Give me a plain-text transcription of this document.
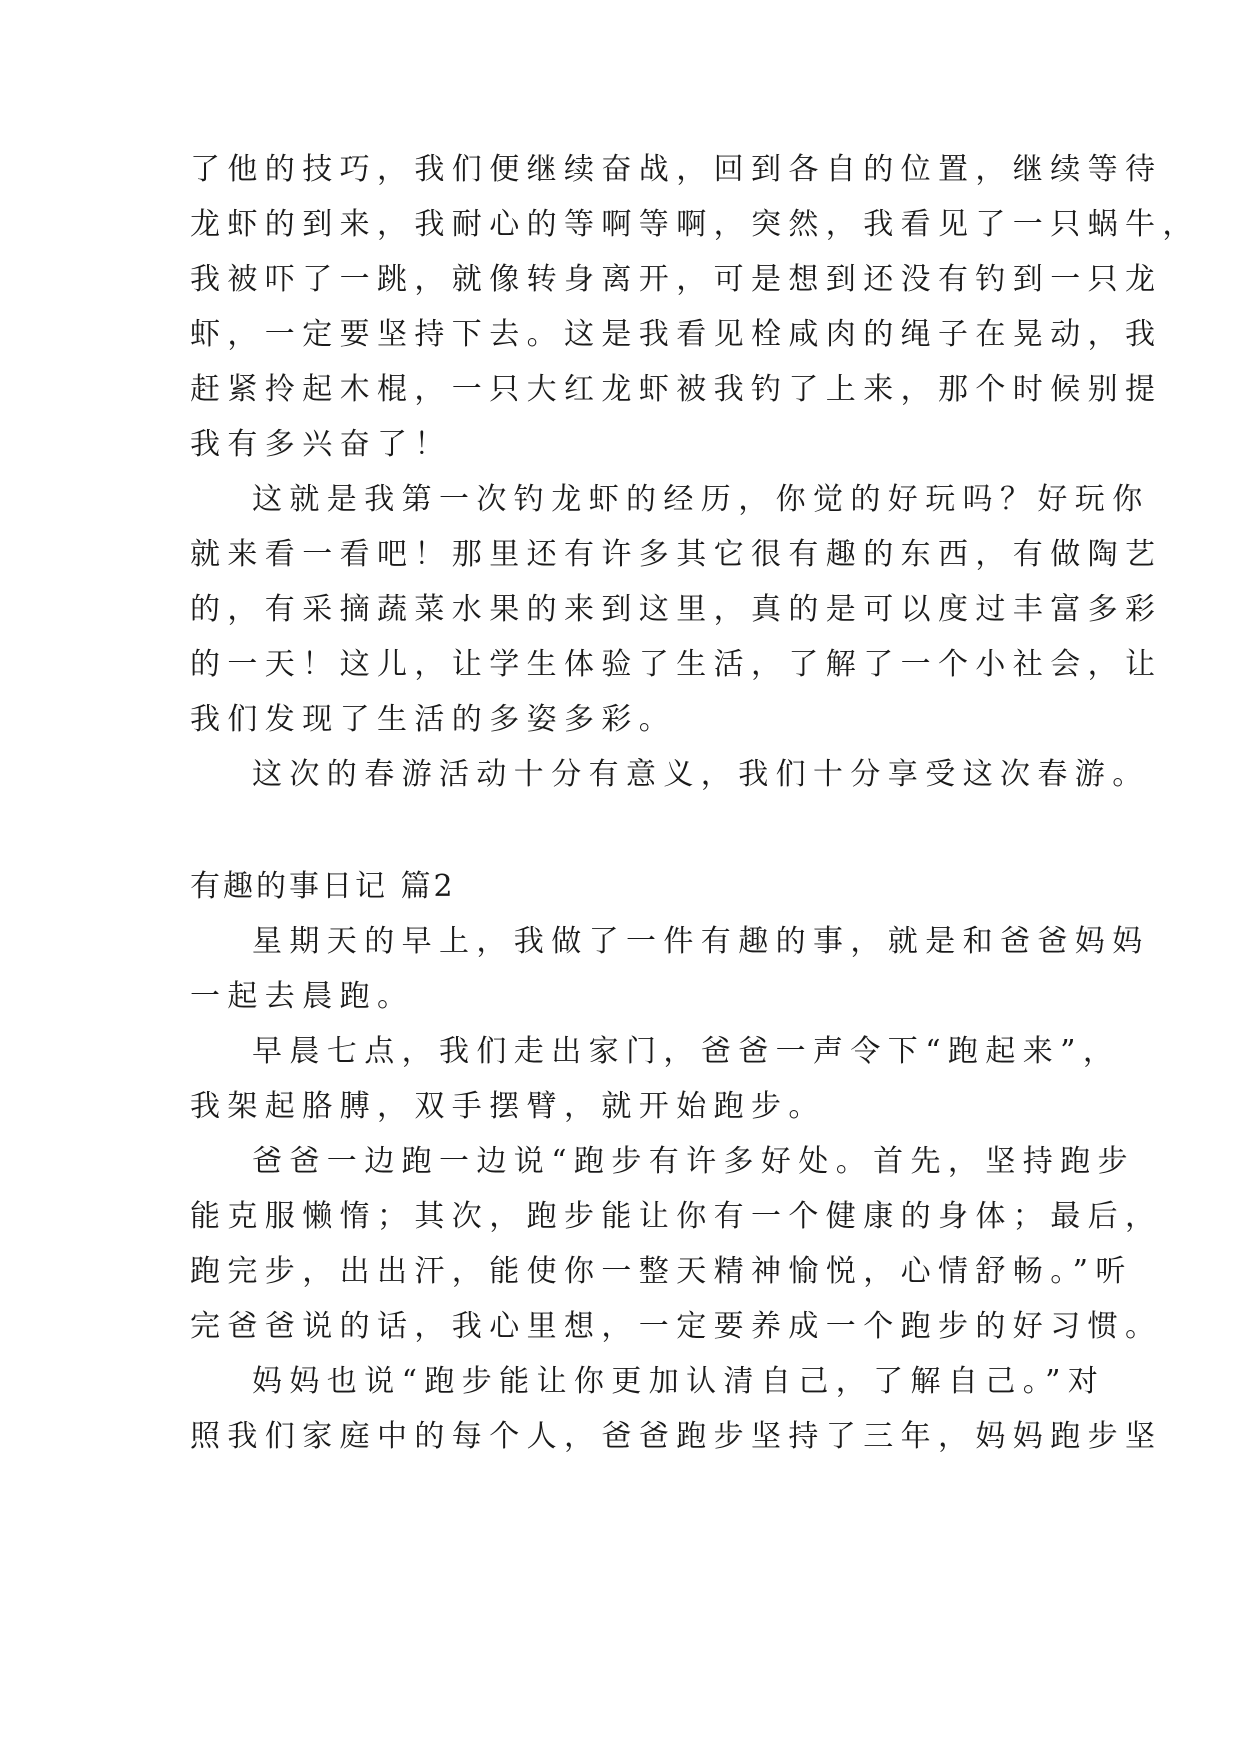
了他的技巧，我们便继续奋战，回到各自的位置，继续等待
龙虾的到来，我耐心的等啊等啊，突然，我看见了一只蜗牛，
我被吓了一跳，就像转身离开，可是想到还没有钓到一只龙
虾，一定要坚持下去。这是我看见栓咸肉的绳子在晃动，我
赶紧拎起木棍，一只大红龙虾被我钓了上来，那个时候别提
我有多兴奋了！
这就是我第一次钓龙虾的经历，你觉的好玩吗？好玩你
就来看一看吧！那里还有许多其它很有趣的东西，有做陶艺
的，有采摘蔬菜水果的来到这里，真的是可以度过丰富多彩
的一天！这儿，让学生体验了生活，了解了一个小社会，让
我们发现了生活的多姿多彩。
这次的春游活动十分有意义，我们十分享受这次春游。
有趣的事日记 篇2
星期天的早上，我做了一件有趣的事，就是和爸爸妈妈
一起去晨跑。
早晨七点，我们走出家门，爸爸一声令下“跑起来”，
我架起胳膊，双手摆臂，就开始跑步。
爸爸一边跑一边说“跑步有许多好处。首先，坚持跑步
能克服懒惰；其次，跑步能让你有一个健康的身体；最后，
跑完步，出出汗，能使你一整天精神愉悦，心情舒畅。”听
完爸爸说的话，我心里想，一定要养成一个跑步的好习惯。
妈妈也说“跑步能让你更加认清自己，了解自己。”对
照我们家庭中的每个人，爸爸跑步坚持了三年，妈妈跑步坚
